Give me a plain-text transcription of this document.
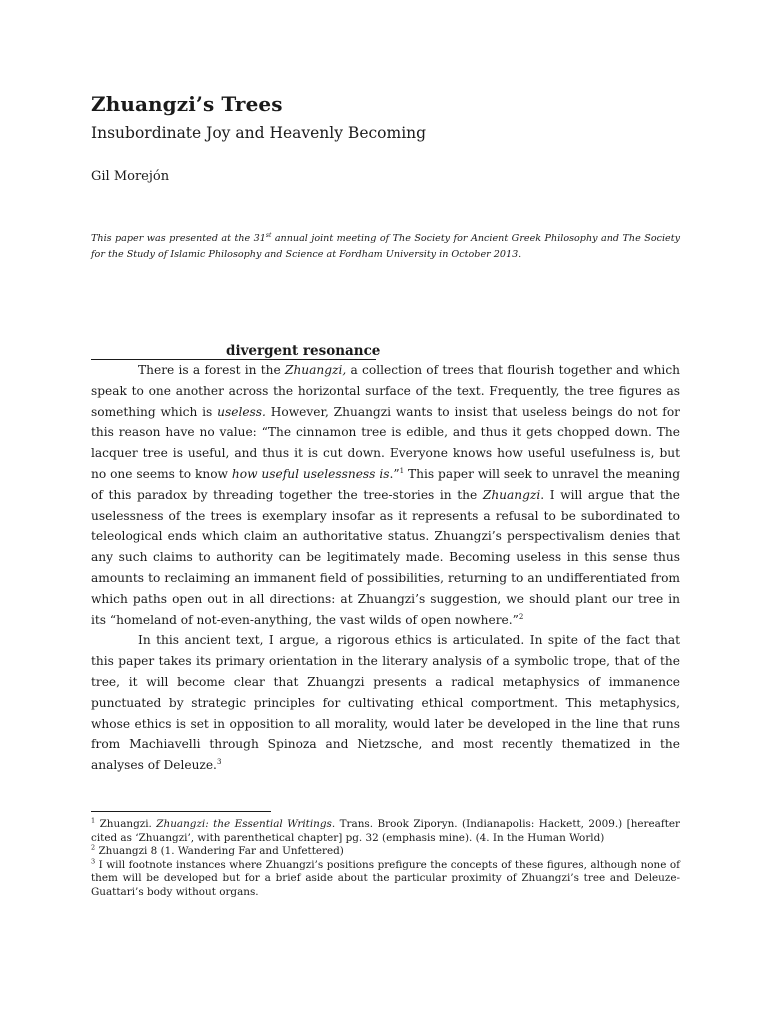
Zhuangzi’s Trees
Insubordinate Joy and Heavenly Becoming
Gil Morejón

This paper was presented at the 31st annual joint meeting of The Society for Ancient Greek Philosophy and The Society for the Study of Islamic Philosophy and Science at Fordham University in October 2013.

divergent resonance

There is a forest in the Zhuangzi, a collection of trees that flourish together and which speak to one another across the horizontal surface of the text. Frequently, the tree figures as something which is useless. However, Zhuangzi wants to insist that useless beings do not for this reason have no value: “The cinnamon tree is edible, and thus it gets chopped down. The lacquer tree is useful, and thus it is cut down. Everyone knows how useful usefulness is, but no one seems to know how useful uselessness is.”$^1$ This paper will seek to unravel the meaning of this paradox by threading together the tree-stories in the Zhuangzi. I will argue that the uselessness of the trees is exemplary insofar as it represents a refusal to be subordinated to teleological ends which claim an authoritative status. Zhuangzi’s perspectivalism denies that any such claims to authority can be legitimately made. Becoming useless in this sense thus amounts to reclaiming an immanent field of possibilities, returning to an undifferentiated from which paths open out in all directions: at Zhuangzi’s suggestion, we should plant our tree in its “homeland of not-even-anything, the vast wilds of open nowhere.”$^2$

In this ancient text, I argue, a rigorous ethics is articulated. In spite of the fact that this paper takes its primary orientation in the literary analysis of a symbolic trope, that of the tree, it will become clear that Zhuangzi presents a radical metaphysics of immanence punctuated by strategic principles for cultivating ethical comportment. This metaphysics, whose ethics is set in opposition to all morality, would later be developed in the line that runs from Machiavelli through Spinoza and Nietzsche, and most recently thematized in the analyses of Deleuze.$^3$

$^1$ Zhuangzi. Zhuangzi: the Essential Writings. Trans. Brook Ziporyn. (Indianapolis: Hackett, 2009.) [hereafter cited as ‘Zhuangzi’, with parenthetical chapter] pg. 32 (emphasis mine). (4. In the Human World)

$^2$ Zhuangzi 8 (1. Wandering Far and Unfettered)

$^3$ I will footnote instances where Zhuangzi’s positions prefigure the concepts of these figures, although none of them will be developed but for a brief aside about the particular proximity of Zhuangzi’s tree and Deleuze-Guattari’s body without organs.
